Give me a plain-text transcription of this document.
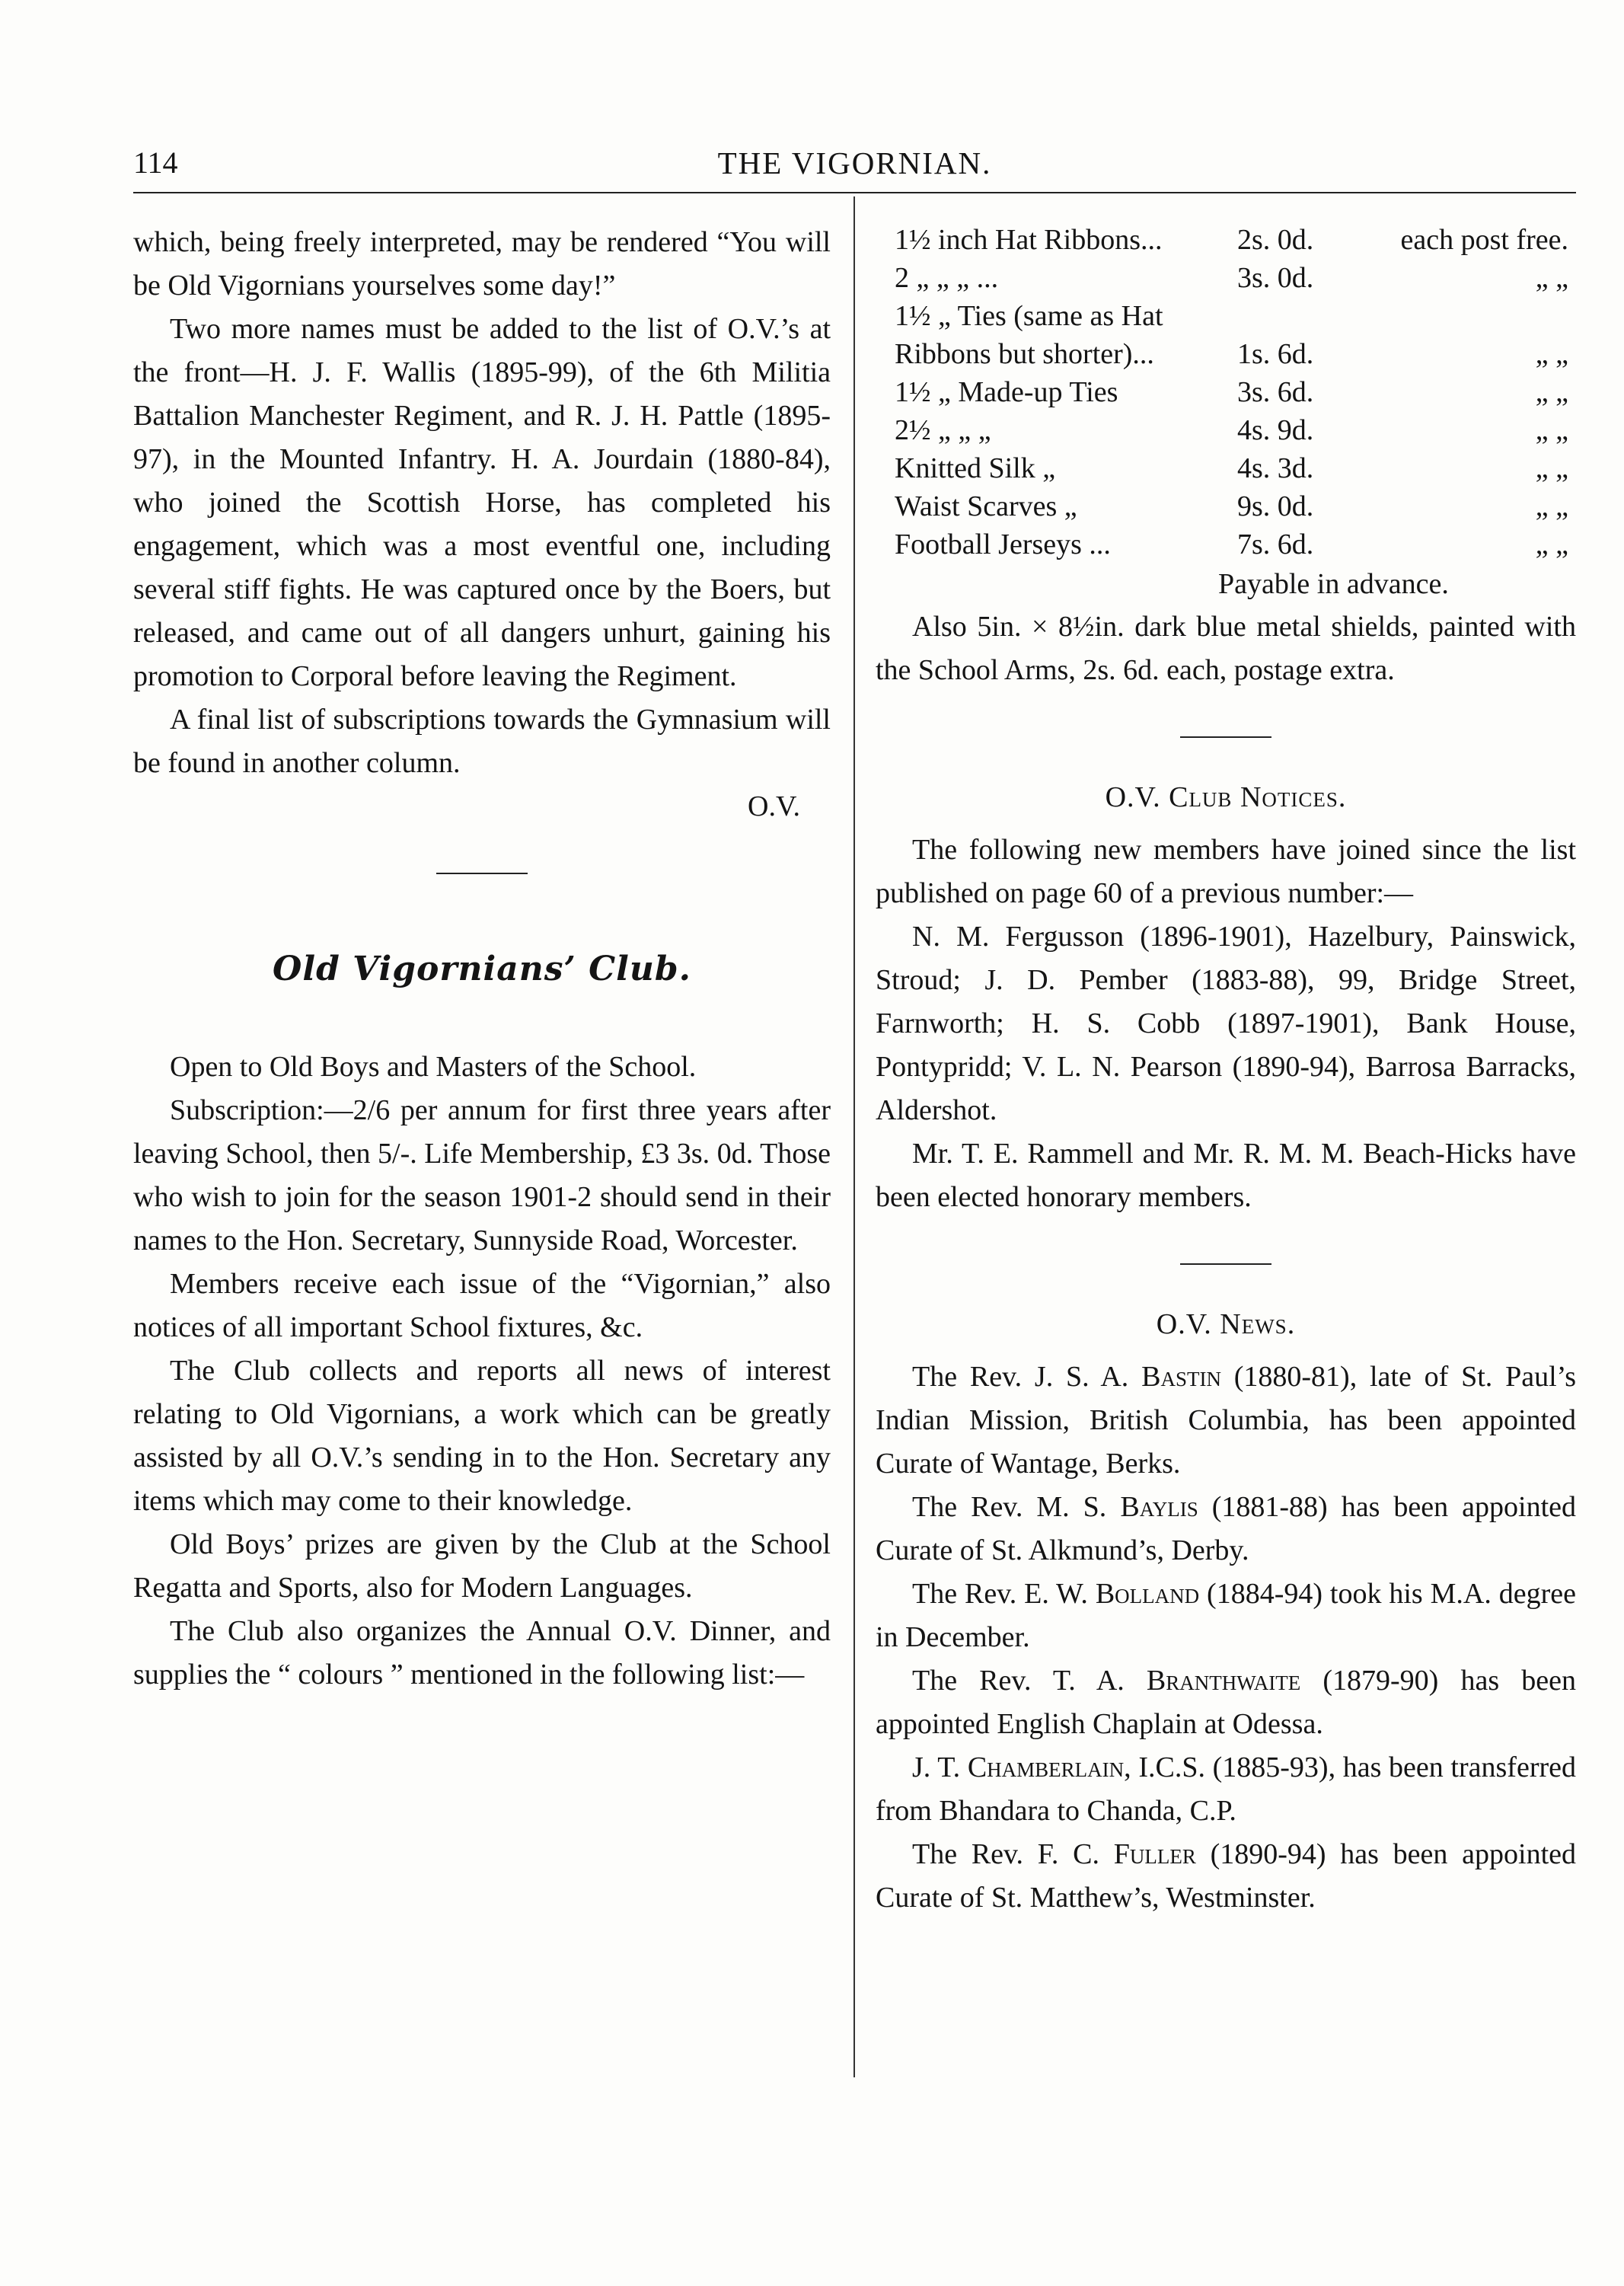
114	THE VIGORNIAN.

which, being freely interpreted, may be rendered “You will be Old Vigornians yourselves some day!”

Two more names must be added to the list of O.V.’s at the front—H. J. F. Wallis (1895-99), of the 6th Militia Battalion Manchester Regiment, and R. J. H. Pattle (1895-97), in the Mounted Infantry. H. A. Jourdain (1880-84), who joined the Scottish Horse, has completed his engagement, which was a most eventful one, including several stiff fights. He was captured once by the Boers, but released, and came out of all dangers unhurt, gaining his promotion to Corporal before leaving the Regiment.

A final list of subscriptions towards the Gymnasium will be found in another column.

O.V.

Old Vigornians’ Club.

Open to Old Boys and Masters of the School.

Subscription:—2/6 per annum for first three years after leaving School, then 5/-. Life Membership, £3 3s. 0d. Those who wish to join for the season 1901-2 should send in their names to the Hon. Secretary, Sunnyside Road, Worcester.

Members receive each issue of the “Vigornian,” also notices of all important School fixtures, &c.

The Club collects and reports all news of interest relating to Old Vigornians, a work which can be greatly assisted by all O.V.’s sending in to the Hon. Secretary any items which may come to their knowledge.

Old Boys’ prizes are given by the Club at the School Regatta and Sports, also for Modern Languages.

The Club also organizes the Annual O.V. Dinner, and supplies the “ colours ” mentioned in the following list:—

1½ inch Hat Ribbons...	2s. 0d.	each post free.
2 „ „ „ ...	3s. 0d.	„ „
1½ „ Ties (same as Hat Ribbons but shorter)...	1s. 6d.	„ „
1½ „ Made-up Ties	3s. 6d.	„ „
2½ „ „ „	4s. 9d.	„ „
Knitted Silk „	4s. 3d.	„ „
Waist Scarves „	9s. 0d.	„ „
Football Jerseys ...	7s. 6d.	„ „
Payable in advance.

Also 5in. × 8½in. dark blue metal shields, painted with the School Arms, 2s. 6d. each, postage extra.

O.V. Club Notices.

The following new members have joined since the list published on page 60 of a previous number:—

N. M. Fergusson (1896-1901), Hazelbury, Painswick, Stroud; J. D. Pember (1883-88), 99, Bridge Street, Farnworth; H. S. Cobb (1897-1901), Bank House, Pontypridd; V. L. N. Pearson (1890-94), Barrosa Barracks, Aldershot.

Mr. T. E. Rammell and Mr. R. M. M. Beach-Hicks have been elected honorary members.

O.V. News.

The Rev. J. S. A. Bastin (1880-81), late of St. Paul’s Indian Mission, British Columbia, has been appointed Curate of Wantage, Berks.

The Rev. M. S. Baylis (1881-88) has been appointed Curate of St. Alkmund’s, Derby.

The Rev. E. W. Bolland (1884-94) took his M.A. degree in December.

The Rev. T. A. Branthwaite (1879-90) has been appointed English Chaplain at Odessa.

J. T. Chamberlain, I.C.S. (1885-93), has been transferred from Bhandara to Chanda, C.P.

The Rev. F. C. Fuller (1890-94) has been appointed Curate of St. Matthew’s, Westminster.
